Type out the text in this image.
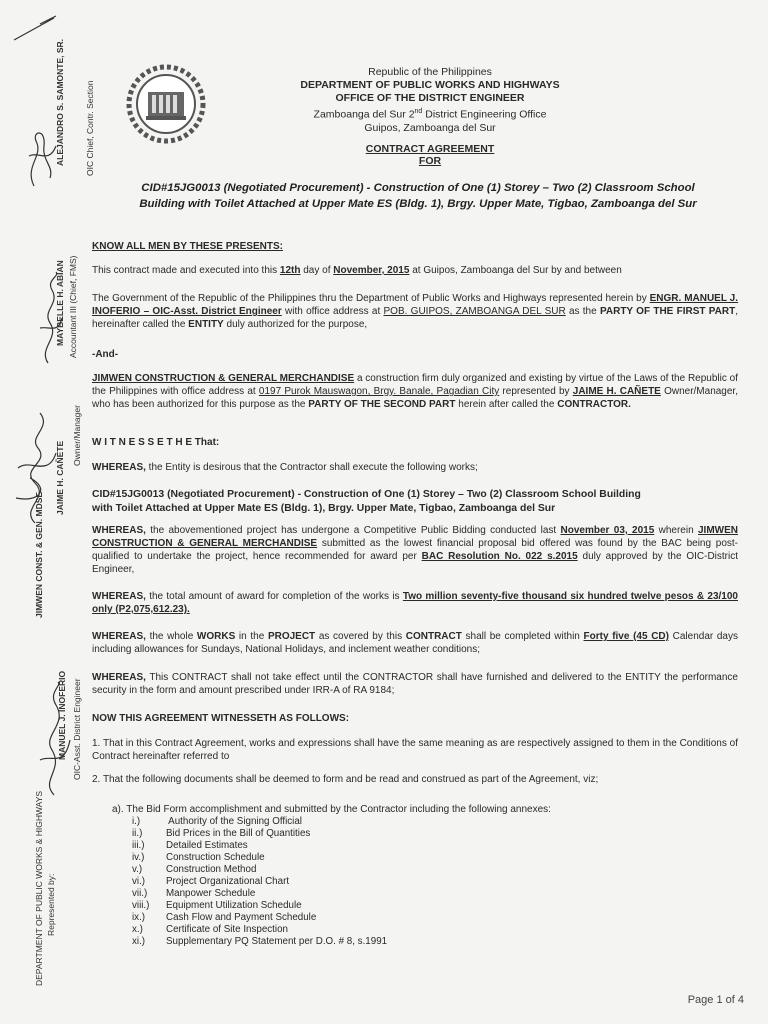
Republic of the Philippines
DEPARTMENT OF PUBLIC WORKS AND HIGHWAYS
OFFICE OF THE DISTRICT ENGINEER
Zamboanga del Sur 2nd District Engineering Office
Guipos, Zamboanga del Sur
CONTRACT AGREEMENT
FOR
CID#15JG0013 (Negotiated Procurement) - Construction of One (1) Storey – Two (2) Classroom School
Building with Toilet Attached at Upper Mate ES (Bldg. 1), Brgy. Upper Mate, Tigbao, Zamboanga del Sur
KNOW ALL MEN BY THESE PRESENTS:
This contract made and executed into this 12th day of November, 2015 at Guipos, Zamboanga del Sur by and between
The Government of the Republic of the Philippines thru the Department of Public Works and Highways represented herein by ENGR. MANUEL J. INOFERIO – OIC-Asst. District Engineer with office address at POB. GUIPOS, ZAMBOANGA DEL SUR as the PARTY OF THE FIRST PART, hereinafter called the ENTITY duly authorized for the purpose,
-And-
JIMWEN CONSTRUCTION & GENERAL MERCHANDISE a construction firm duly organized and existing by virtue of the Laws of the Republic of the Philippines with office address at 0197 Purok Mauswagon, Brgy. Banale, Pagadian City represented by JAIME H. CAÑETE Owner/Manager, who has been authorized for this purpose as the PARTY OF THE SECOND PART herein after called the CONTRACTOR.
W I T N E S S E T H E That:
WHEREAS, the Entity is desirous that the Contractor shall execute the following works;
CID#15JG0013 (Negotiated Procurement) - Construction of One (1) Storey – Two (2) Classroom School Building
with Toilet Attached at Upper Mate ES (Bldg. 1), Brgy. Upper Mate, Tigbao, Zamboanga del Sur
WHEREAS, the abovementioned project has undergone a Competitive Public Bidding conducted last November 03, 2015 wherein JIMWEN CONSTRUCTION & GENERAL MERCHANDISE submitted as the lowest financial proposal bid offered was found by the BAC being post-qualified to undertake the project, hence recommended for award per BAC Resolution No. 022 s.2015 duly approved by the OIC-District Engineer,
WHEREAS, the total amount of award for completion of the works is Two million seventy-five thousand six hundred twelve pesos & 23/100 only (P2,075,612.23).
WHEREAS, the whole WORKS in the PROJECT as covered by this CONTRACT shall be completed within Forty five (45 CD) Calendar days including allowances for Sundays, National Holidays, and inclement weather conditions;
WHEREAS, This CONTRACT shall not take effect until the CONTRACTOR shall have furnished and delivered to the ENTITY the performance security in the form and amount prescribed under IRR-A of RA 9184;
NOW THIS AGREEMENT WITNESSETH AS FOLLOWS:
1. That in this Contract Agreement, works and expressions shall have the same meaning as are respectively assigned to them in the Conditions of Contract hereinafter referred to
2. That the following documents shall be deemed to form and be read and construed as part of the Agreement, viz;
a). The Bid Form accomplishment and submitted by the Contractor including the following annexes:
i.)	Authority of the Signing Official
ii.) Bid Prices in the Bill of Quantities
iii.) Detailed Estimates
iv.) Construction Schedule
v.) Construction Method
vi.) Project Organizational Chart
vii.) Manpower Schedule
viii.) Equipment Utilization Schedule
ix.) Cash Flow and Payment Schedule
x.) Certificate of Site Inspection
xi.) Supplementary PQ Statement per D.O. # 8, s.1991
ALEJANDRO S. SAMONTE, SR. OIC Chief, Contr. Section
MAYBELLE H. ABIAN Accountant III (Chief, FMS)
JAIME H. CAÑETE
Owner/Manager
JIMWEN CONST. & GEN. MDSE
MANUEL J. INOFERIO OIC-Asst. District Engineer
DEPARTMENT OF PUBLIC WORKS & HIGHWAYS Represented by:
Page 1 of 4
